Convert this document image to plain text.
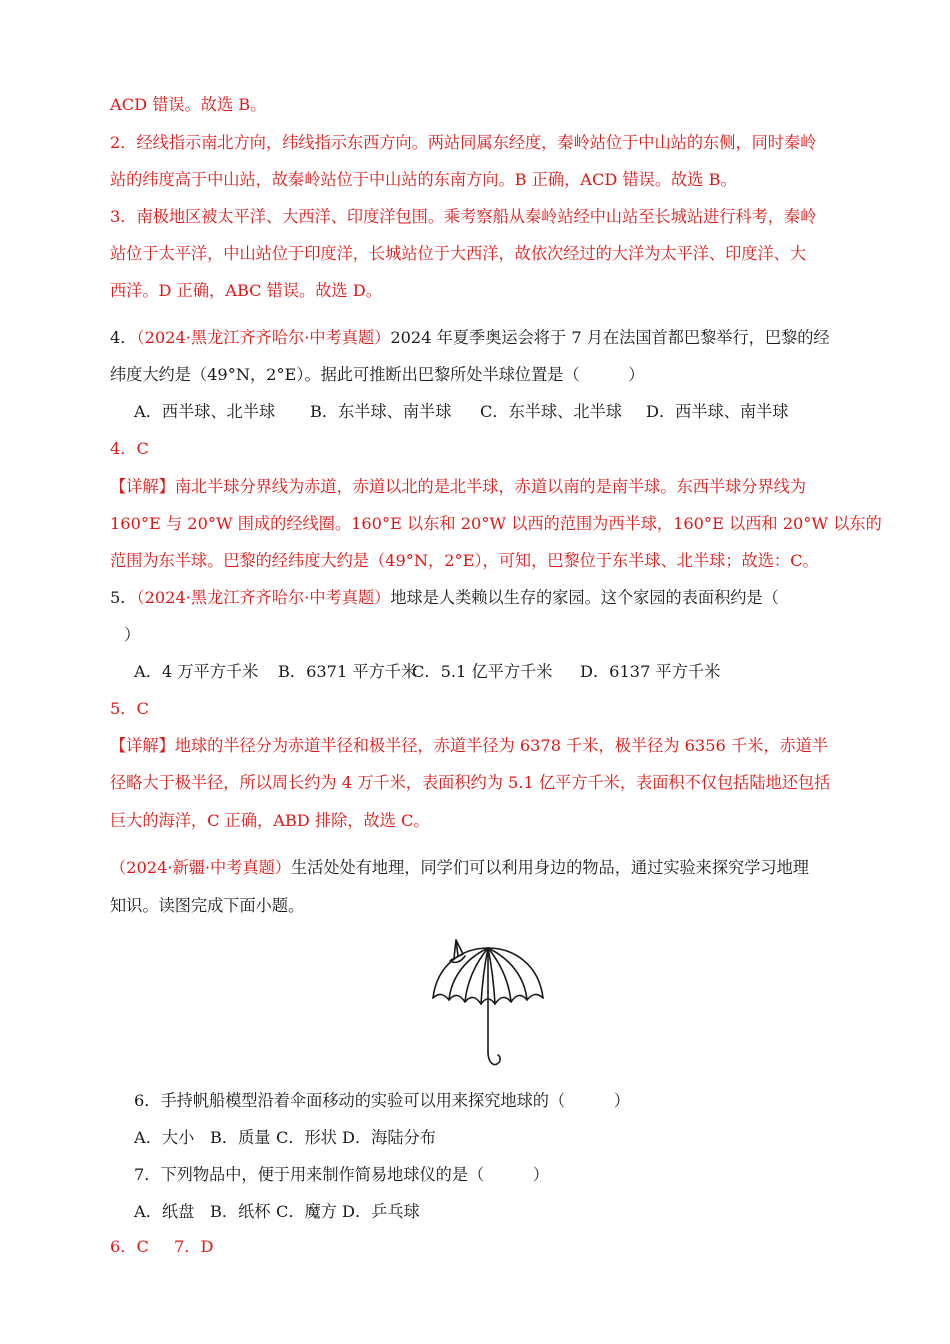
ACD 错误。故选 B。
2．经线指示南北方向，纬线指示东西方向。两站同属东经度，秦岭站位于中山站的东侧，同时秦岭
站的纬度高于中山站，故秦岭站位于中山站的东南方向。B 正确，ACD 错误。故选 B。
3．南极地区被太平洋、大西洋、印度洋包围。乘考察船从秦岭站经中山站至长城站进行科考，秦岭
站位于太平洋，中山站位于印度洋，长城站位于大西洋，故依次经过的大洋为太平洋、印度洋、大
西洋。D 正确，ABC 错误。故选 D。
4．（2024·黑龙江齐齐哈尔·中考真题）2024 年夏季奥运会将于 7 月在法国首都巴黎举行，巴黎的经
纬度大约是（49°N，2°E）。据此可推断出巴黎所处半球位置是（　　　）
A．西半球、北半球 B．东半球、南半球 C．东半球、北半球 D．西半球、南半球
4．C
【详解】南北半球分界线为赤道，赤道以北的是北半球，赤道以南的是南半球。东西半球分界线为
160°E 与 20°W 围成的经线圈。160°E 以东和 20°W 以西的范围为西半球，160°E 以西和 20°W 以东的
范围为东半球。巴黎的经纬度大约是（49°N，2°E），可知，巴黎位于东半球、北半球；故选：C。
5．（2024·黑龙江齐齐哈尔·中考真题）地球是人类赖以生存的家园。这个家园的表面积约是（
）
A．4 万平方千米 B．6371 平方千米C．5.1 亿平方千米 D．6137 平方千米
5．C
【详解】地球的半径分为赤道半径和极半径，赤道半径为 6378 千米，极半径为 6356 千米，赤道半
径略大于极半径，所以周长约为 4 万千米，表面积约为 5.1 亿平方千米，表面积不仅包括陆地还包括
巨大的海洋，C 正确，ABD 排除，故选 C。
（2024·新疆·中考真题）生活处处有地理，同学们可以利用身边的物品，通过实验来探究学习地理
知识。读图完成下面小题。
6．手持帆船模型沿着伞面移动的实验可以用来探究地球的（　　　）
A．大小 B．质量 C．形状 D．海陆分布
7．下列物品中，便于用来制作简易地球仪的是（　　　）
A．纸盘 B．纸杯 C．魔方 D．乒乓球
6．C 7．D
